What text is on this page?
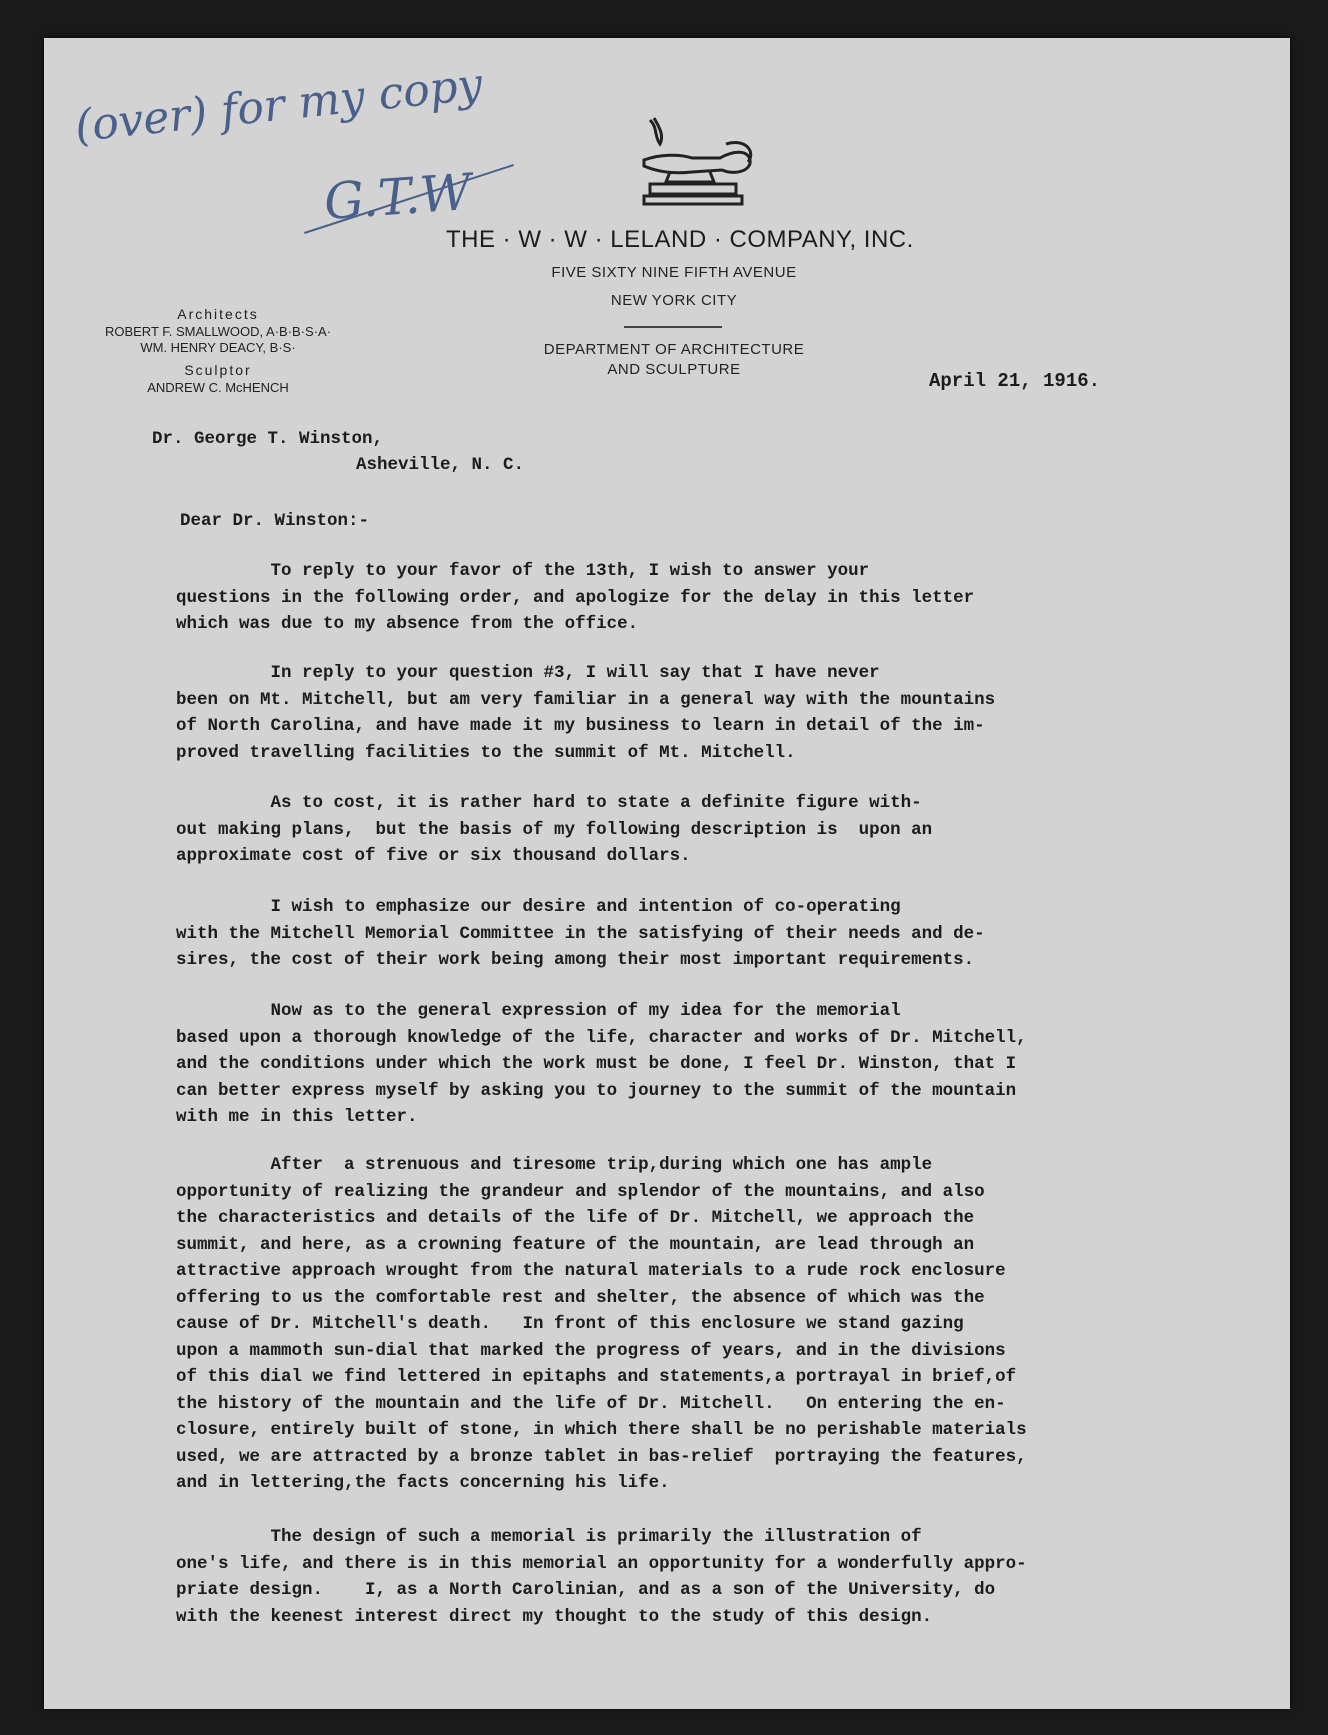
(over) for my copy
G.T.W
THE · W · W · LELAND · COMPANY, INC.
FIVE SIXTY NINE FIFTH AVENUE
NEW YORK CITY
DEPARTMENT OF ARCHITECTURE
AND SCULPTURE
Architects
ROBERT F. SMALLWOOD, A·B·B·S·A·
WM. HENRY DEACY, B·S·
Sculptor
ANDREW C. McHENCH	April 21, 1916.
Dr. George T. Winston,
Asheville, N. C.
Dear Dr. Winston:-
To reply to your favor of the 13th, I wish to answer your
questions in the following order, and apologize for the delay in this letter
which was due to my absence from the office.
In reply to your question #3, I will say that I have never
been on Mt. Mitchell, but am very familiar in a general way with the mountains
of North Carolina, and have made it my business to learn in detail of the im-
proved travelling facilities to the summit of Mt. Mitchell.
As to cost, it is rather hard to state a definite figure with-
out making plans,  but the basis of my following description is  upon an
approximate cost of five or six thousand dollars.
I wish to emphasize our desire and intention of co-operating
with the Mitchell Memorial Committee in the satisfying of their needs and de-
sires, the cost of their work being among their most important requirements.
Now as to the general expression of my idea for the memorial
based upon a thorough knowledge of the life, character and works of Dr. Mitchell,
and the conditions under which the work must be done, I feel Dr. Winston, that I
can better express myself by asking you to journey to the summit of the mountain
with me in this letter.
After  a strenuous and tiresome trip,during which one has ample
opportunity of realizing the grandeur and splendor of the mountains, and also
the characteristics and details of the life of Dr. Mitchell, we approach the
summit, and here, as a crowning feature of the mountain, are lead through an
attractive approach wrought from the natural materials to a rude rock enclosure
offering to us the comfortable rest and shelter, the absence of which was the
cause of Dr. Mitchell's death.   In front of this enclosure we stand gazing
upon a mammoth sun-dial that marked the progress of years, and in the divisions
of this dial we find lettered in epitaphs and statements,a portrayal in brief,of
the history of the mountain and the life of Dr. Mitchell.   On entering the en-
closure, entirely built of stone, in which there shall be no perishable materials
used, we are attracted by a bronze tablet in bas-relief  portraying the features,
and in lettering,the facts concerning his life.
The design of such a memorial is primarily the illustration of
one's life, and there is in this memorial an opportunity for a wonderfully appro-
priate design.    I, as a North Carolinian, and as a son of the University, do
with the keenest interest direct my thought to the study of this design.
